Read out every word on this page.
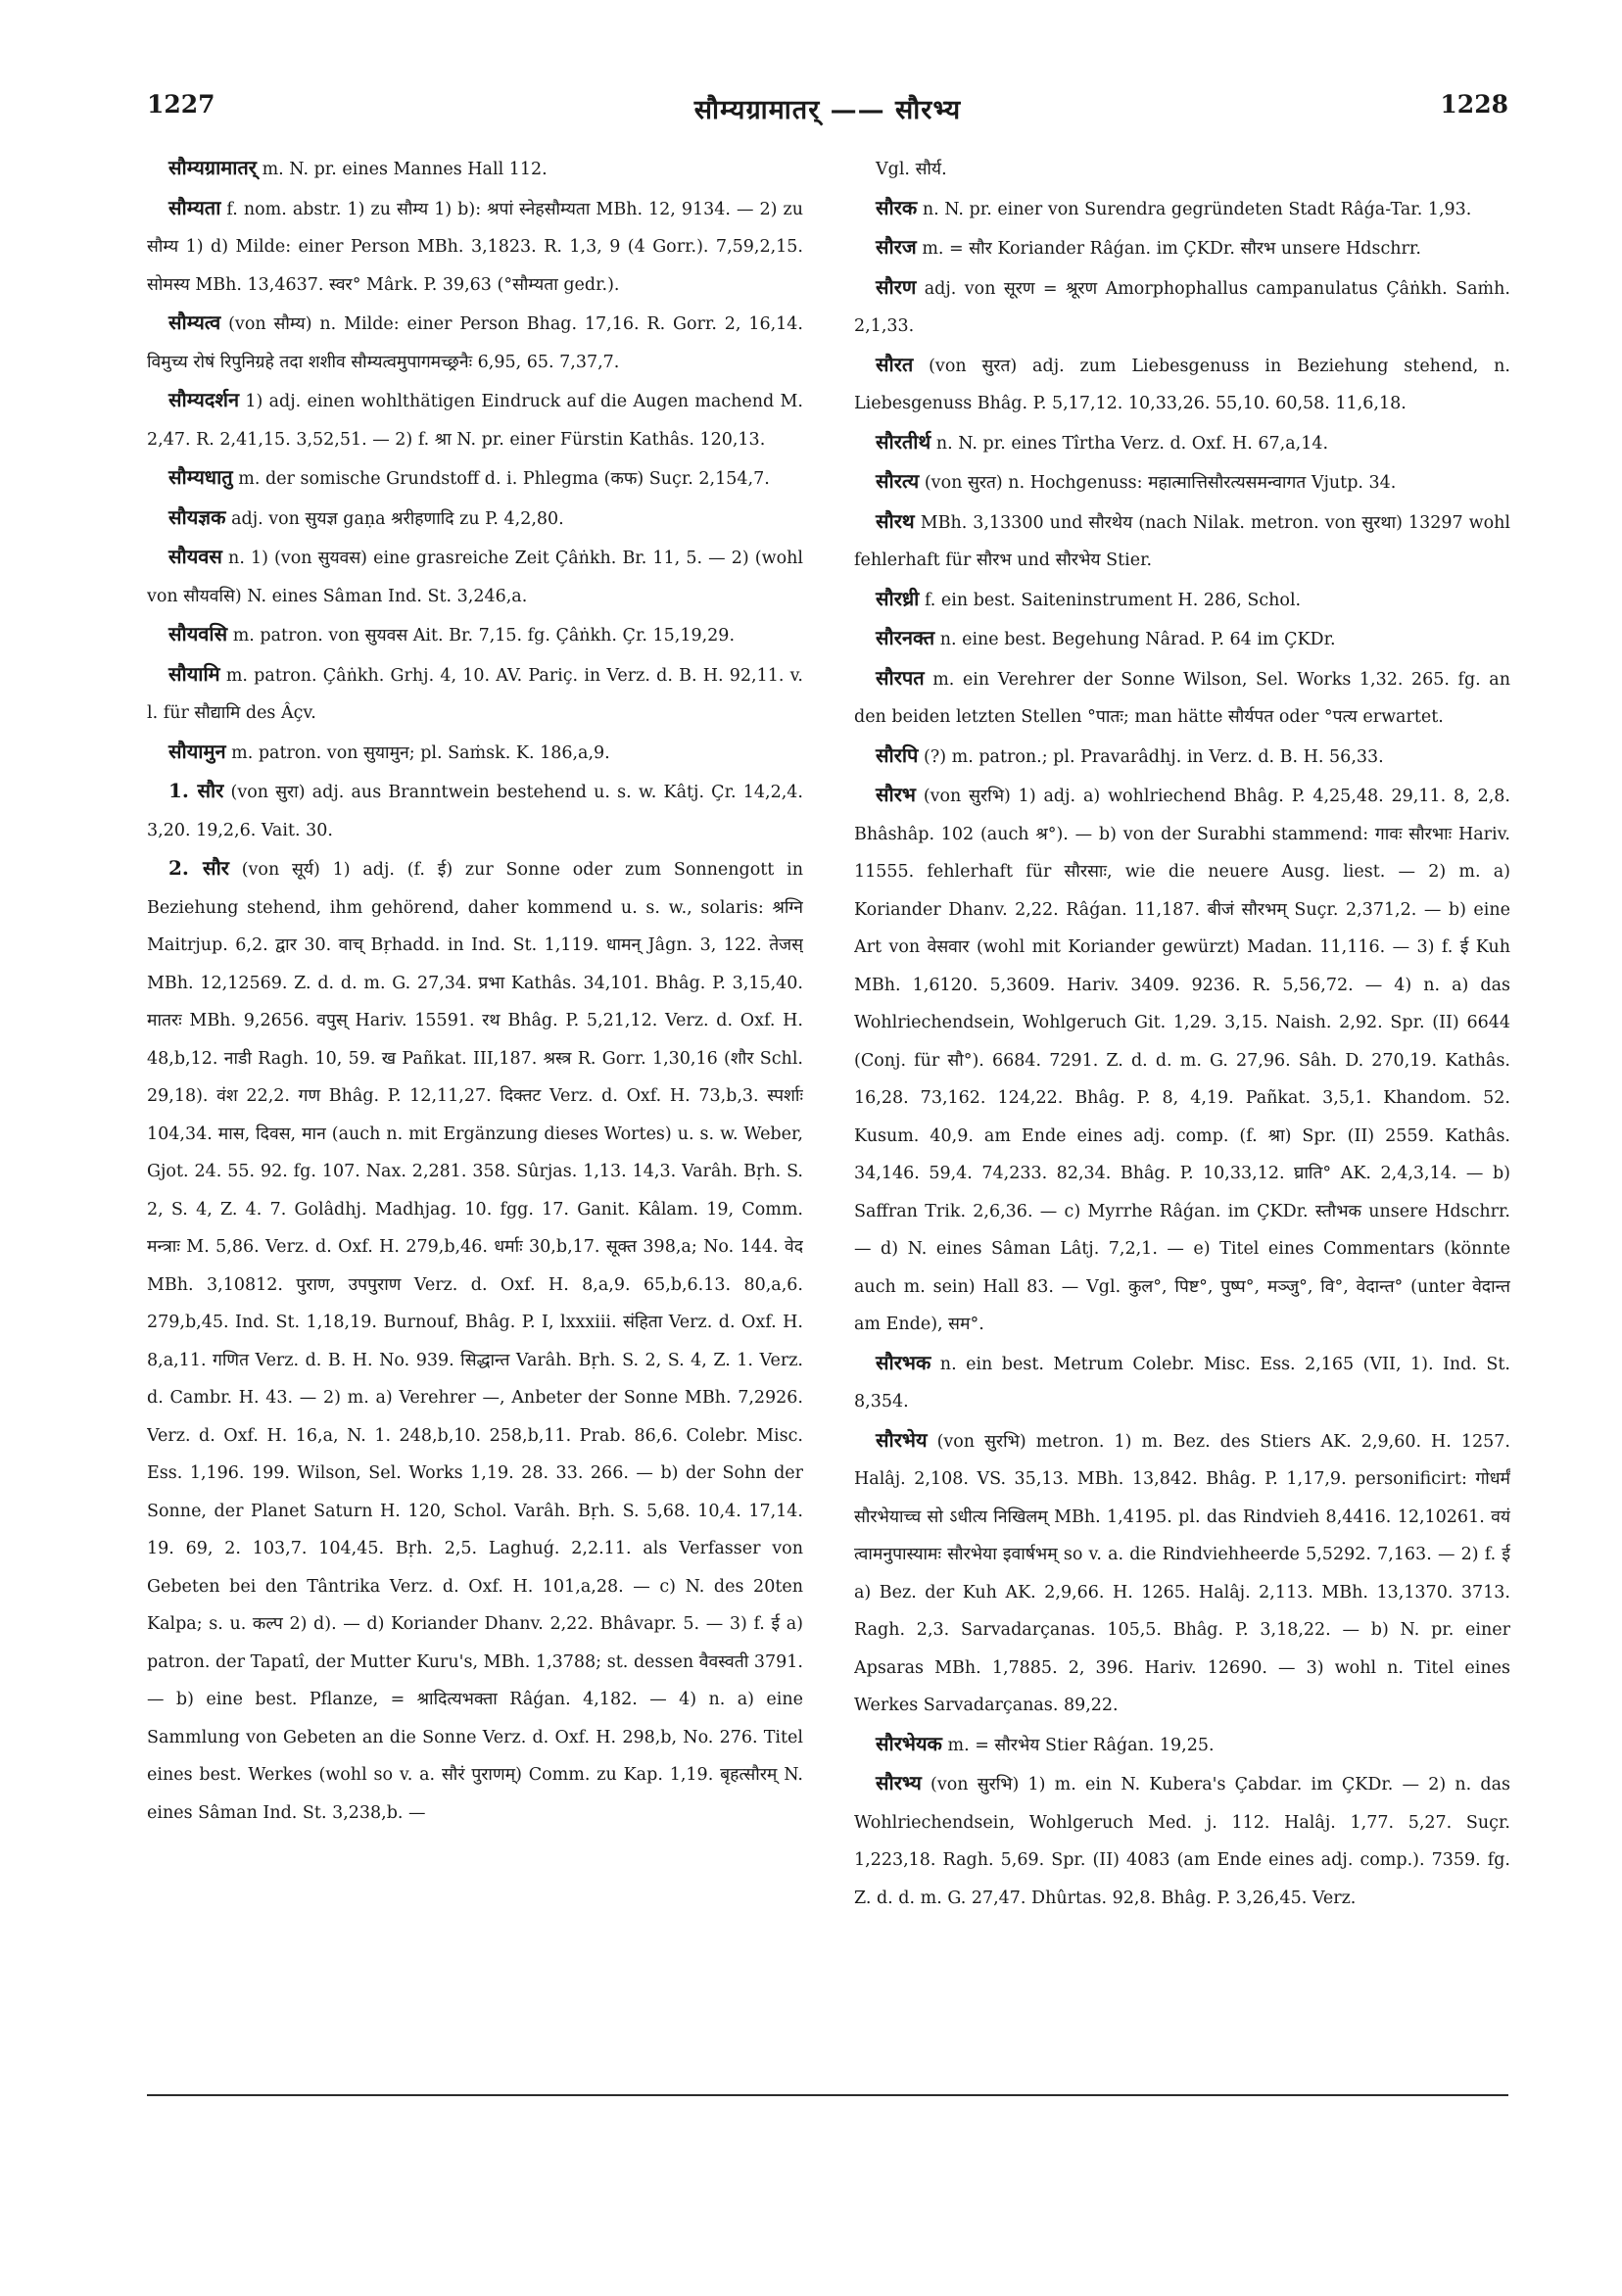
1227	सौम्यग्रामातर् —— सौरभ्य	1228

सौम्यग्रामातर् m. N. pr. eines Mannes Hall 112.

सौम्यता f. nom. abstr. 1) zu सौम्य 1) b): श्रपां स्नेहसौम्यता MBh. 12, 9134. — 2) zu सौम्य 1) d) Milde: einer Person MBh. 3,1823. R. 1,3, 9 (4 Gorr.). 7,59,2,15. सोमस्य MBh. 13,4637. स्वर° Mârk. P. 39,63 (°सौम्यता gedr.).

सौम्यत्व (von सौम्य) n. Milde: einer Person Bhag. 17,16. R. Gorr. 2, 16,14. विमुच्य रोषं रिपुनिग्रहे तदा शशीव सौम्यत्वमुपागमच्छ्रनैः 6,95, 65. 7,37,7.

सौम्यदर्शन 1) adj. einen wohlthätigen Eindruck auf die Augen machend M. 2,47. R. 2,41,15. 3,52,51. — 2) f. श्रा N. pr. einer Fürstin Kathâs. 120,13.

सौम्यधातु m. der somische Grundstoff d. i. Phlegma (कफ) Suçr. 2,154,7.

सौयज्ञक adj. von सुयज्ञ gaṇa श्ररीहणादि zu P. 4,2,80.

सौयवस n. 1) (von सुयवस) eine grasreiche Zeit Çâṅkh. Br. 11, 5. — 2) (wohl von सौयवसि) N. eines Sâman Ind. St. 3,246,a.

सौयवसि m. patron. von सुयवस Ait. Br. 7,15. fg. Çâṅkh. Çr. 15,19,29.

सौयामि m. patron. Çâṅkh. Grhj. 4, 10. AV. Pariç. in Verz. d. B. H. 92,11. v. l. für सौद्यामि des Âçv.

सौयामुन m. patron. von सुयामुन; pl. Saṁsk. K. 186,a,9.

1. सौर (von सुरा) adj. aus Branntwein bestehend u. s. w. Kâtj. Çr. 14,2,4. 3,20. 19,2,6. Vait. 30.

2. सौर (von सूर्य) 1) adj. (f. ई) zur Sonne oder zum Sonnengott in Beziehung stehend, ihm gehörend, daher kommend u. s. w., solaris: श्रग्नि Maitrjup. 6,2. द्वार 30. वाच् Bṛhadd. in Ind. St. 1,119. धामन् Jâgn. 3, 122. तेजस् MBh. 12,12569. Z. d. d. m. G. 27,34. प्रभा Kathâs. 34,101. Bhâg. P. 3,15,40. मातरः MBh. 9,2656. वपुस् Hariv. 15591. रथ Bhâg. P. 5,21,12. Verz. d. Oxf. H. 48,b,12. नाडी Ragh. 10, 59. ख Pañkat. III,187. श्रस्त्र R. Gorr. 1,30,16 (शौर Schl. 29,18). वंश 22,2. गण Bhâg. P. 12,11,27. दिक्तट Verz. d. Oxf. H. 73,b,3. स्पर्शाः 104,34. मास, दिवस, मान (auch n. mit Ergänzung dieses Wortes) u. s. w. Weber, Gjot. 24. 55. 92. fg. 107. Nax. 2,281. 358. Sûrjas. 1,13. 14,3. Varâh. Bṛh. S. 2, S. 4, Z. 4. 7. Golâdhj. Madhjag. 10. fgg. 17. Ganit. Kâlam. 19, Comm. मन्त्राः M. 5,86. Verz. d. Oxf. H. 279,b,46. धर्माः 30,b,17. सूक्त 398,a; No. 144. वेद MBh. 3,10812. पुराण, उपपुराण Verz. d. Oxf. H. 8,a,9. 65,b,6.13. 80,a,6. 279,b,45. Ind. St. 1,18,19. Burnouf, Bhâg. P. I, lxxxiii. संहिता Verz. d. Oxf. H. 8,a,11. गणित Verz. d. B. H. No. 939. सिद्धान्त Varâh. Bṛh. S. 2, S. 4, Z. 1. Verz. d. Cambr. H. 43. — 2) m. a) Verehrer —, Anbeter der Sonne MBh. 7,2926. Verz. d. Oxf. H. 16,a, N. 1. 248,b,10. 258,b,11. Prab. 86,6. Colebr. Misc. Ess. 1,196. 199. Wilson, Sel. Works 1,19. 28. 33. 266. — b) der Sohn der Sonne, der Planet Saturn H. 120, Schol. Varâh. Bṛh. S. 5,68. 10,4. 17,14. 19. 69, 2. 103,7. 104,45. Bṛh. 2,5. Laghuǵ. 2,2.11. als Verfasser von Gebeten bei den Tântrika Verz. d. Oxf. H. 101,a,28. — c) N. des 20ten Kalpa; s. u. कल्प 2) d). — d) Koriander Dhanv. 2,22. Bhâvapr. 5. — 3) f. ई a) patron. der Tapatî, der Mutter Kuru's, MBh. 1,3788; st. dessen वैवस्वती 3791. — b) eine best. Pflanze, = श्रादित्यभक्ता Râǵan. 4,182. — 4) n. a) eine Sammlung von Gebeten an die Sonne Verz. d. Oxf. H. 298,b, No. 276. Titel eines best. Werkes (wohl so v. a. सौरं पुराणम्) Comm. zu Kap. 1,19. बृहत्सौरम् N. eines Sâman Ind. St. 3,238,b. —

Vgl. सौर्य.

सौरक n. N. pr. einer von Surendra gegründeten Stadt Râǵa-Tar. 1,93.

सौरज m. = सौर Koriander Râǵan. im ÇKDr. सौरभ unsere Hdschrr.

सौरण adj. von सूरण = श्रूरण Amorphophallus campanulatus Çâṅkh. Saṁh. 2,1,33.

सौरत (von सुरत) adj. zum Liebesgenuss in Beziehung stehend, n. Liebesgenuss Bhâg. P. 5,17,12. 10,33,26. 55,10. 60,58. 11,6,18.

सौरतीर्थ n. N. pr. eines Tîrtha Verz. d. Oxf. H. 67,a,14.

सौरत्य (von सुरत) n. Hochgenuss: महात्मात्तिसौरत्यसमन्वागत Vjutp. 34.

सौरथ MBh. 3,13300 und सौरथेय (nach Nilak. metron. von सुरथा) 13297 wohl fehlerhaft für सौरभ und सौरभेय Stier.

सौरध्री f. ein best. Saiteninstrument H. 286, Schol.

सौरनक्त n. eine best. Begehung Nârad. P. 64 im ÇKDr.

सौरपत m. ein Verehrer der Sonne Wilson, Sel. Works 1,32. 265. fg. an den beiden letzten Stellen °पातः; man hätte सौर्यपत oder °पत्य erwartet.

सौरपि (?) m. patron.; pl. Pravarâdhj. in Verz. d. B. H. 56,33.

सौरभ (von सुरभि) 1) adj. a) wohlriechend Bhâg. P. 4,25,48. 29,11. 8, 2,8. Bhâshâp. 102 (auch श्र°). — b) von der Surabhi stammend: गावः सौरभाः Hariv. 11555. fehlerhaft für सौरसाः, wie die neuere Ausg. liest. — 2) m. a) Koriander Dhanv. 2,22. Râǵan. 11,187. बीजं सौरभम् Suçr. 2,371,2. — b) eine Art von वेसवार (wohl mit Koriander gewürzt) Madan. 11,116. — 3) f. ई Kuh MBh. 1,6120. 5,3609. Hariv. 3409. 9236. R. 5,56,72. — 4) n. a) das Wohlriechendsein, Wohlgeruch Git. 1,29. 3,15. Naish. 2,92. Spr. (II) 6644 (Conj. für सौ°). 6684. 7291. Z. d. d. m. G. 27,96. Sâh. D. 270,19. Kathâs. 16,28. 73,162. 124,22. Bhâg. P. 8, 4,19. Pañkat. 3,5,1. Khandom. 52. Kusum. 40,9. am Ende eines adj. comp. (f. श्रा) Spr. (II) 2559. Kathâs. 34,146. 59,4. 74,233. 82,34. Bhâg. P. 10,33,12. घ्राति° AK. 2,4,3,14. — b) Saffran Trik. 2,6,36. — c) Myrrhe Râǵan. im ÇKDr. स्तौभक unsere Hdschrr. — d) N. eines Sâman Lâtj. 7,2,1. — e) Titel eines Commentars (könnte auch m. sein) Hall 83. — Vgl. कुल°, पिष्ट°, पुष्प°, मञ्जु°, वि°, वेदान्त° (unter वेदान्त am Ende), सम°.

सौरभक n. ein best. Metrum Colebr. Misc. Ess. 2,165 (VII, 1). Ind. St. 8,354.

सौरभेय (von सुरभि) metron. 1) m. Bez. des Stiers AK. 2,9,60. H. 1257. Halâj. 2,108. VS. 35,13. MBh. 13,842. Bhâg. P. 1,17,9. personificirt: गोधर्मं सौरभेयाच्च सो ऽधीत्य निखिलम् MBh. 1,4195. pl. das Rindvieh 8,4416. 12,10261. वयं त्वामनुपास्यामः सौरभेया इवार्षभम् so v. a. die Rindviehheerde 5,5292. 7,163. — 2) f. ई a) Bez. der Kuh AK. 2,9,66. H. 1265. Halâj. 2,113. MBh. 13,1370. 3713. Ragh. 2,3. Sarvadarçanas. 105,5. Bhâg. P. 3,18,22. — b) N. pr. einer Apsaras MBh. 1,7885. 2, 396. Hariv. 12690. — 3) wohl n. Titel eines Werkes Sarvadarçanas. 89,22.

सौरभेयक m. = सौरभेय Stier Râǵan. 19,25.

सौरभ्य (von सुरभि) 1) m. ein N. Kubera's Çabdar. im ÇKDr. — 2) n. das Wohlriechendsein, Wohlgeruch Med. j. 112. Halâj. 1,77. 5,27. Suçr. 1,223,18. Ragh. 5,69. Spr. (II) 4083 (am Ende eines adj. comp.). 7359. fg. Z. d. d. m. G. 27,47. Dhûrtas. 92,8. Bhâg. P. 3,26,45. Verz.
